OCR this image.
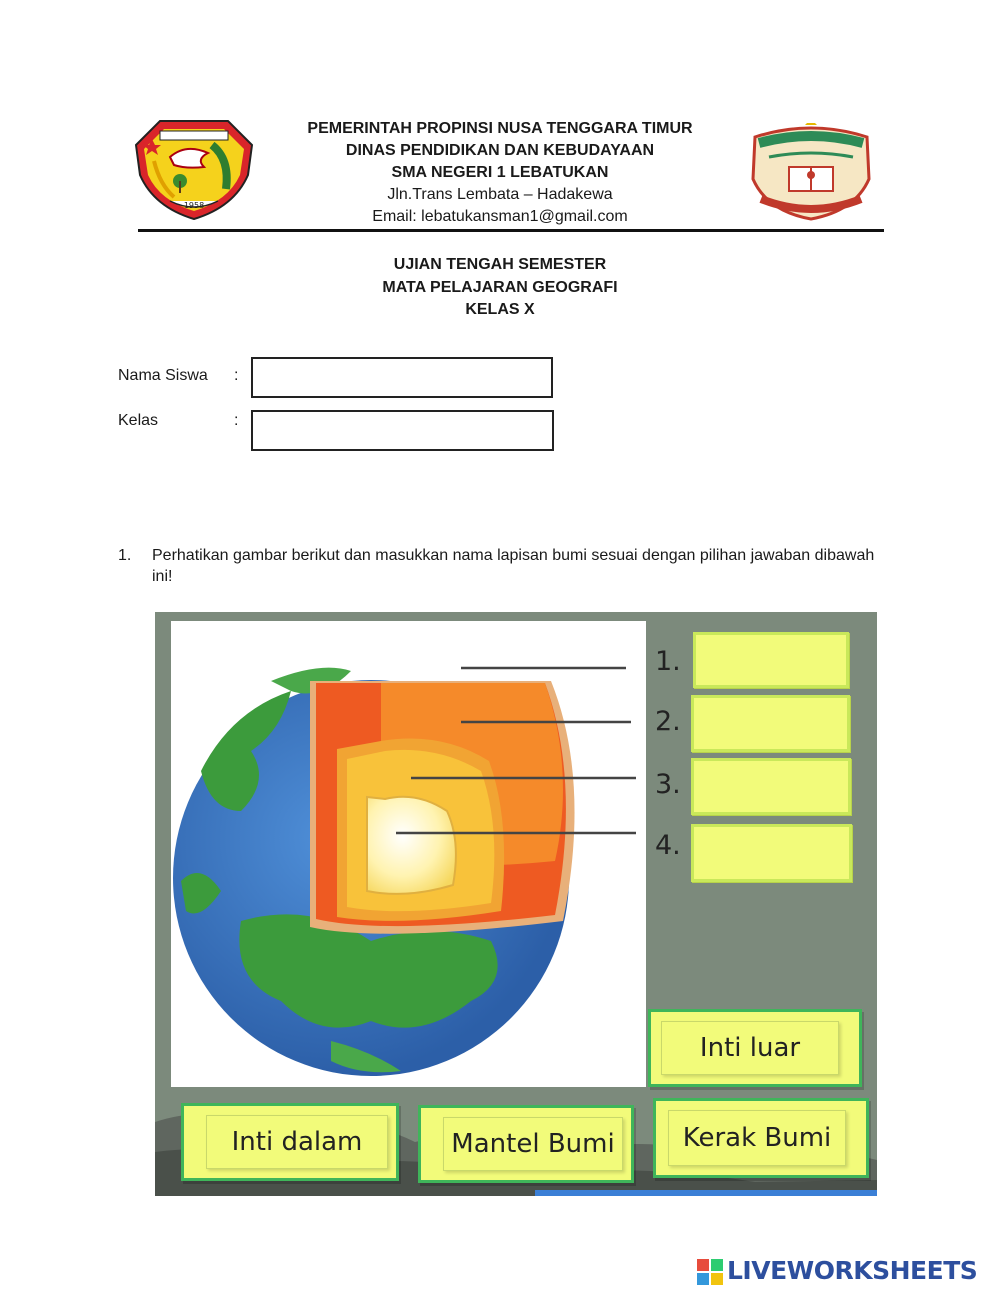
1958
PEMERINTAH PROPINSI NUSA TENGGARA TIMUR
DINAS PENDIDIKAN DAN KEBUDAYAAN
SMA NEGERI 1 LEBATUKAN
Jln.Trans Lembata – Hadakewa
Email: lebatukansman1@gmail.com
UJIAN TENGAH SEMESTER
MATA PELAJARAN GEOGRAFI
KELAS X
Nama Siswa :
Kelas	:
1. Perhatikan gambar berikut dan masukkan nama lapisan bumi sesuai dengan pilihan jawaban dibawah ini!
1.
2.
3.
4.
Inti luar
Inti dalam	Mantel Bumi	Kerak Bumi
LIVEWORKSHEETS
